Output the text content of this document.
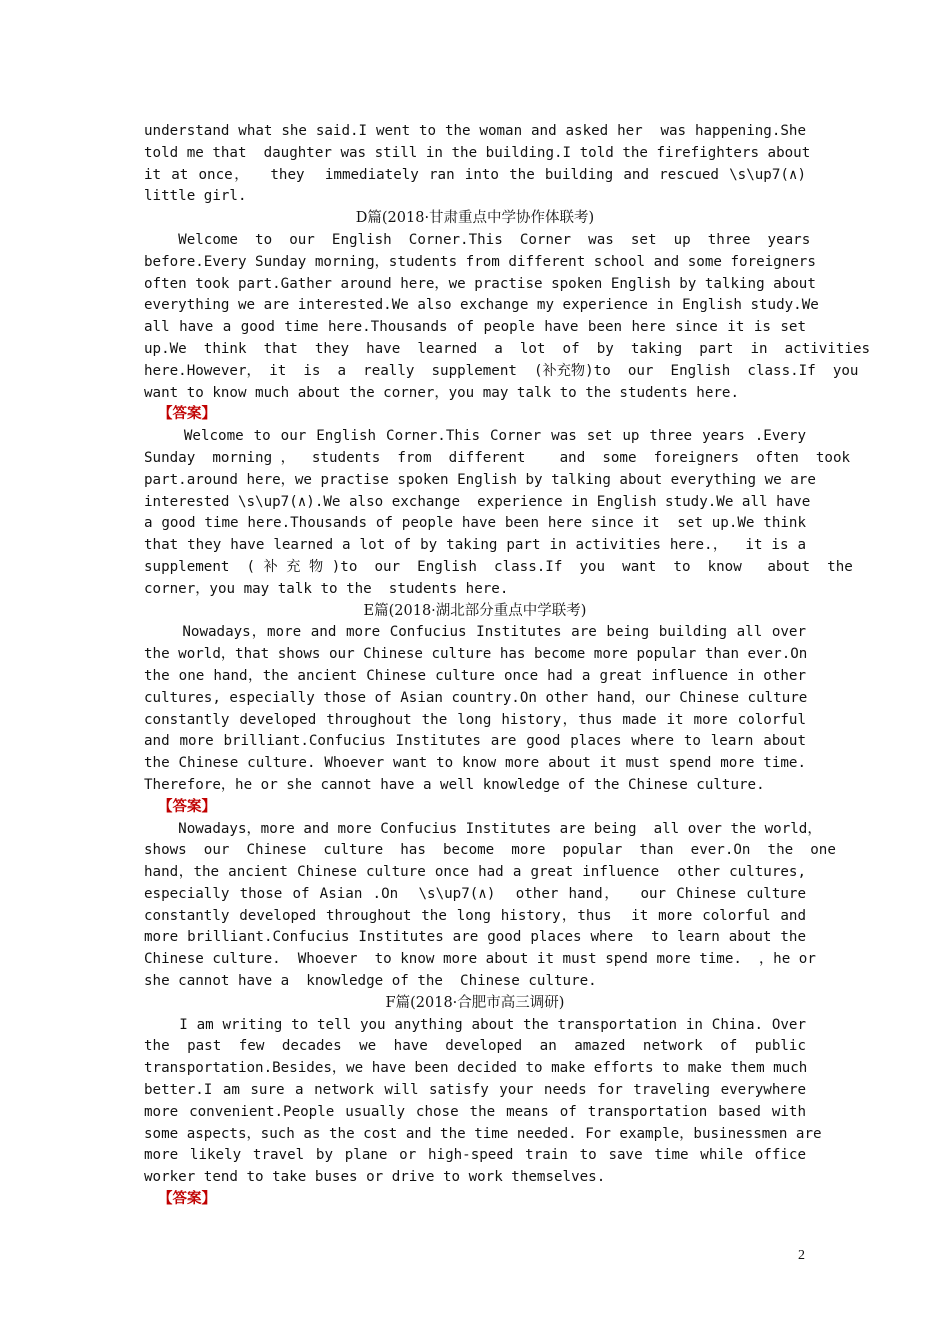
understand what she said.I went to the woman and asked her  was happening.She
told me that  daughter was still in the building.I told the firefighters about
it at once，  they  immediately ran into the building and rescued \s\up7(∧)
little girl.
D篇(2018·甘肃重点中学协作体联考)
Welcome  to  our  English  Corner.This  Corner  was  set  up  three  years
before.Every Sunday morning，students from different school and some foreigners
often took part.Gather around here，we practise spoken English by talking about
everything we are interested.We also exchange my experience in English study.We
all have a good time here.Thousands of people have been here since it is set
up.We  think  that  they  have  learned  a  lot  of  by  taking  part  in  activities
here.However， it  is  a  really  supplement  (补充物)to  our  English  class.If  you
want to know much about the corner，you may talk to the students here.
【答案】
Welcome to our English Corner.This Corner was set up three years .Every
Sunday  morning ，  students  from  different    and  some  foreigners  often  took
part.around here，we practise spoken English by talking about everything we are
interested \s\up7(∧).We also exchange  experience in English study.We all have
a good time here.Thousands of people have been here since it  set up.We think
that they have learned a lot of by taking part in activities here.，  it is a
supplement  ( 补 充 物 )to  our  English  class.If  you  want  to  know   about  the
corner，you may talk to the  students here.
E篇(2018·湖北部分重点中学联考)
Nowadays，more and more Confucius Institutes are being building all over
the world，that shows our Chinese culture has become more popular than ever.On
the one hand，the ancient Chinese culture once had a great influence in other
cultures, especially those of Asian country.On other hand，our Chinese culture
constantly developed throughout the long history，thus made it more colorful
and more brilliant.Confucius Institutes are good places where to learn about
the Chinese culture. Whoever want to know more about it must spend more time.
Therefore，he or she cannot have a well knowledge of the Chinese culture.
【答案】
Nowadays，more and more Confucius Institutes are being  all over the world，
shows  our  Chinese  culture  has  become  more  popular  than  ever.On  the  one
hand，the ancient Chinese culture once had a great influence  other cultures,
especially those of Asian .On  \s\up7(∧)  other hand，  our Chinese culture
constantly developed throughout the long history，thus  it more colorful and
more brilliant.Confucius Institutes are good places where  to learn about the
Chinese culture.  Whoever  to know more about it must spend more time.  ，he or
she cannot have a  knowledge of the  Chinese culture.
F篇(2018·合肥市高三调研)
I am writing to tell you anything about the transportation in China. Over
the  past  few  decades  we  have  developed  an  amazed  network  of  public
transportation.Besides，we have been decided to make efforts to make them much
better.I am sure a network will satisfy your needs for traveling everywhere
more convenient.People usually chose the means of transportation based with
some aspects，such as the cost and the time needed. For example，businessmen are
more likely travel by plane or high-speed train to save time while office
worker tend to take buses or drive to work themselves.
【答案】
2
